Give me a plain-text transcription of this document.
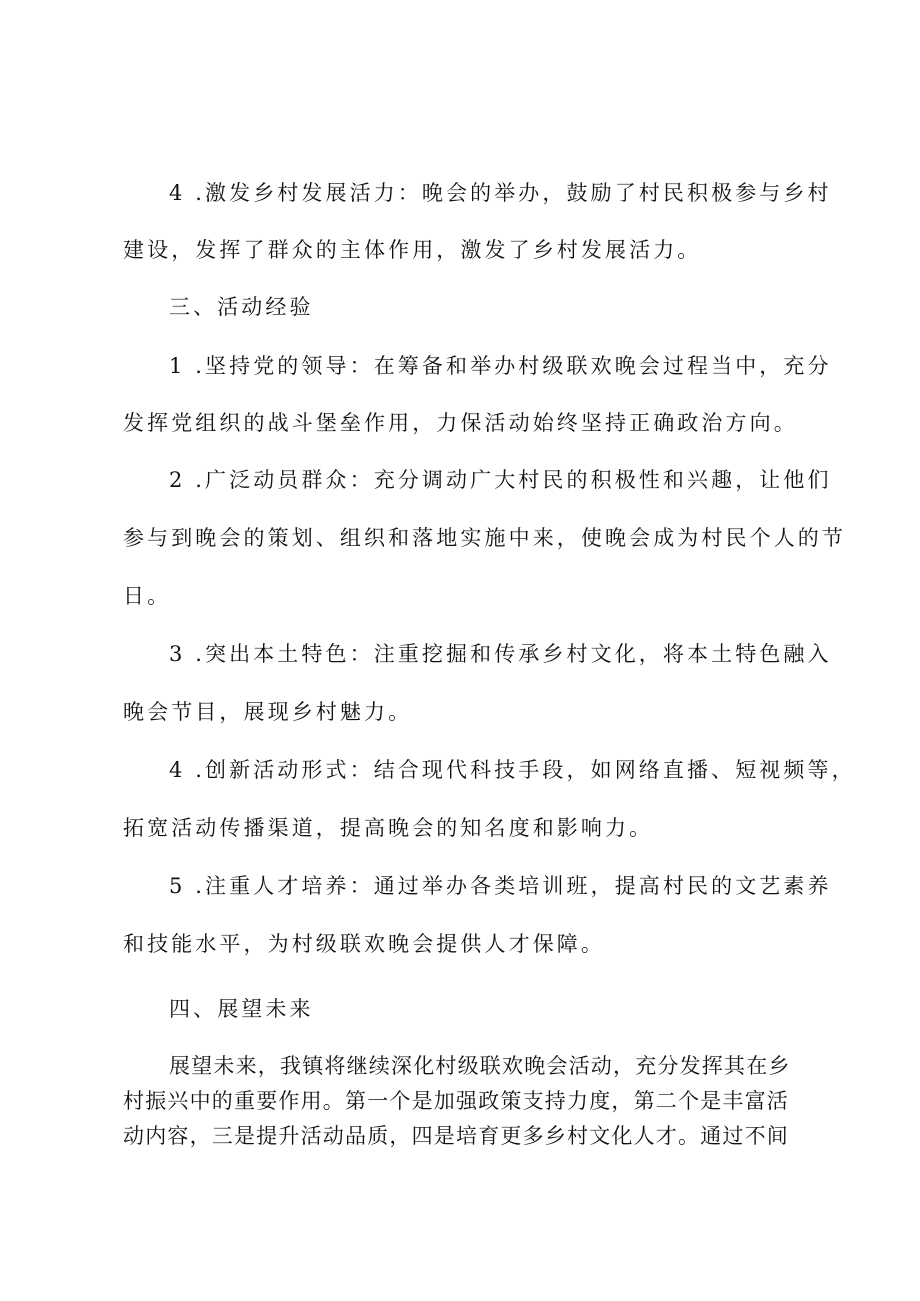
4 .激发乡村发展活力：晚会的举办，鼓励了村民积极参与乡村
建设，发挥了群众的主体作用，激发了乡村发展活力。
三、活动经验
1 .坚持党的领导：在筹备和举办村级联欢晚会过程当中，充分
发挥党组织的战斗堡垒作用，力保活动始终坚持正确政治方向。
2 .广泛动员群众：充分调动广大村民的积极性和兴趣，让他们
参与到晚会的策划、组织和落地实施中来，使晚会成为村民个人的节
日。
3 .突出本土特色：注重挖掘和传承乡村文化，将本土特色融入
晚会节目，展现乡村魅力。
4 .创新活动形式：结合现代科技手段，如网络直播、短视频等，
拓宽活动传播渠道，提高晚会的知名度和影响力。
5 .注重人才培养：通过举办各类培训班，提高村民的文艺素养
和技能水平，为村级联欢晚会提供人才保障。
四、展望未来
展望未来，我镇将继续深化村级联欢晚会活动，充分发挥其在乡
村振兴中的重要作用。第一个是加强政策支持力度，第二个是丰富活
动内容，三是提升活动品质，四是培育更多乡村文化人才。通过不间
